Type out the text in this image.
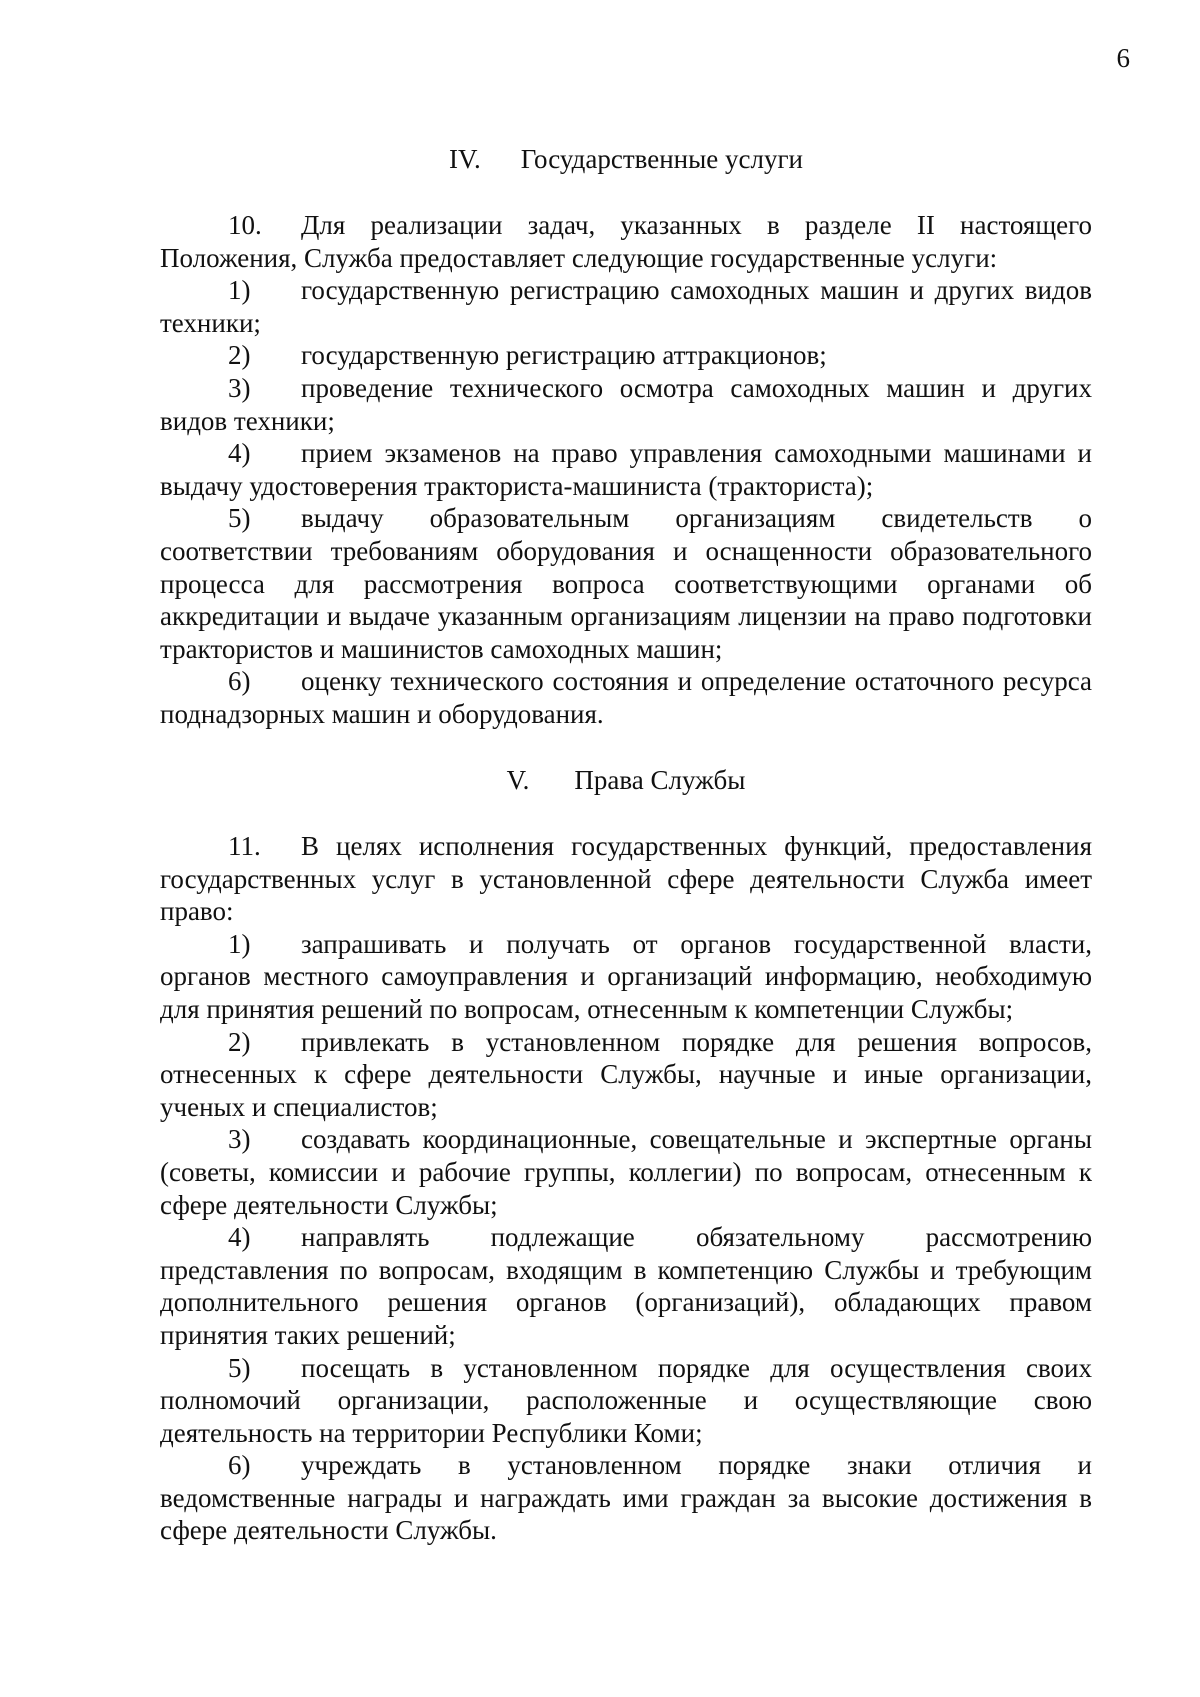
6
IV. Государственные услуги

10. Для реализации задач, указанных в разделе II настоящего Положения, Служба предоставляет следующие государственные услуги:

1) государственную регистрацию самоходных машин и других видов техники;

2) государственную регистрацию аттракционов;

3) проведение технического осмотра самоходных машин и других видов техники;

4) прием экзаменов на право управления самоходными машинами и выдачу удостоверения тракториста-машиниста (тракториста);

5) выдачу образовательным организациям свидетельств о соответствии требованиям оборудования и оснащенности образовательного процесса для рассмотрения вопроса соответствующими органами об аккредитации и выдаче указанным организациям лицензии на право подготовки трактористов и машинистов самоходных машин;

6) оценку технического состояния и определение остаточного ресурса поднадзорных машин и оборудования.

V. Права Службы

11. В целях исполнения государственных функций, предоставления государственных услуг в установленной сфере деятельности Служба имеет право:

1) запрашивать и получать от органов государственной власти, органов местного самоуправления и организаций информацию, необходимую для принятия решений по вопросам, отнесенным к компетенции Службы;

2) привлекать в установленном порядке для решения вопросов, отнесенных к сфере деятельности Службы, научные и иные организации, ученых и специалистов;

3) создавать координационные, совещательные и экспертные органы (советы, комиссии и рабочие группы, коллегии) по вопросам, отнесенным к сфере деятельности Службы;

4) направлять подлежащие обязательному рассмотрению представления по вопросам, входящим в компетенцию Службы и требующим дополнительного решения органов (организаций), обладающих правом принятия таких решений;

5) посещать в установленном порядке для осуществления своих полномочий организации, расположенные и осуществляющие свою деятельность на территории Республики Коми;

6) учреждать в установленном порядке знаки отличия и ведомственные награды и награждать ими граждан за высокие достижения в сфере деятельности Службы.
